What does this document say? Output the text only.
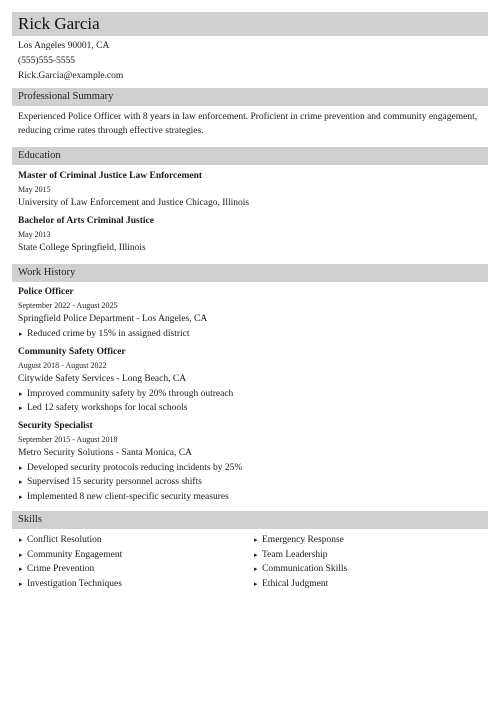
Rick Garcia
Los Angeles 90001, CA
(555)555-5555
Rick.Garcia@example.com
Professional Summary
Experienced Police Officer with 8 years in law enforcement. Proficient in crime prevention and community engagement, reducing crime rates through effective strategies.
Education
Master of Criminal Justice Law Enforcement
May 2015
University of Law Enforcement and Justice Chicago, Illinois
Bachelor of Arts Criminal Justice
May 2013
State College Springfield, Illinois
Work History
Police Officer
September 2022 - August 2025
Springfield Police Department - Los Angeles, CA
▸ Reduced crime by 15% in assigned district
Community Safety Officer
August 2018 - August 2022
Citywide Safety Services - Long Beach, CA
▸ Improved community safety by 20% through outreach
▸ Led 12 safety workshops for local schools
Security Specialist
September 2015 - August 2018
Metro Security Solutions - Santa Monica, CA
▸ Developed security protocols reducing incidents by 25%
▸ Supervised 15 security personnel across shifts
▸ Implemented 8 new client-specific security measures
Skills
▸ Conflict Resolution
▸ Community Engagement
▸ Crime Prevention
▸ Investigation Techniques
▸ Emergency Response
▸ Team Leadership
▸ Communication Skills
▸ Ethical Judgment
